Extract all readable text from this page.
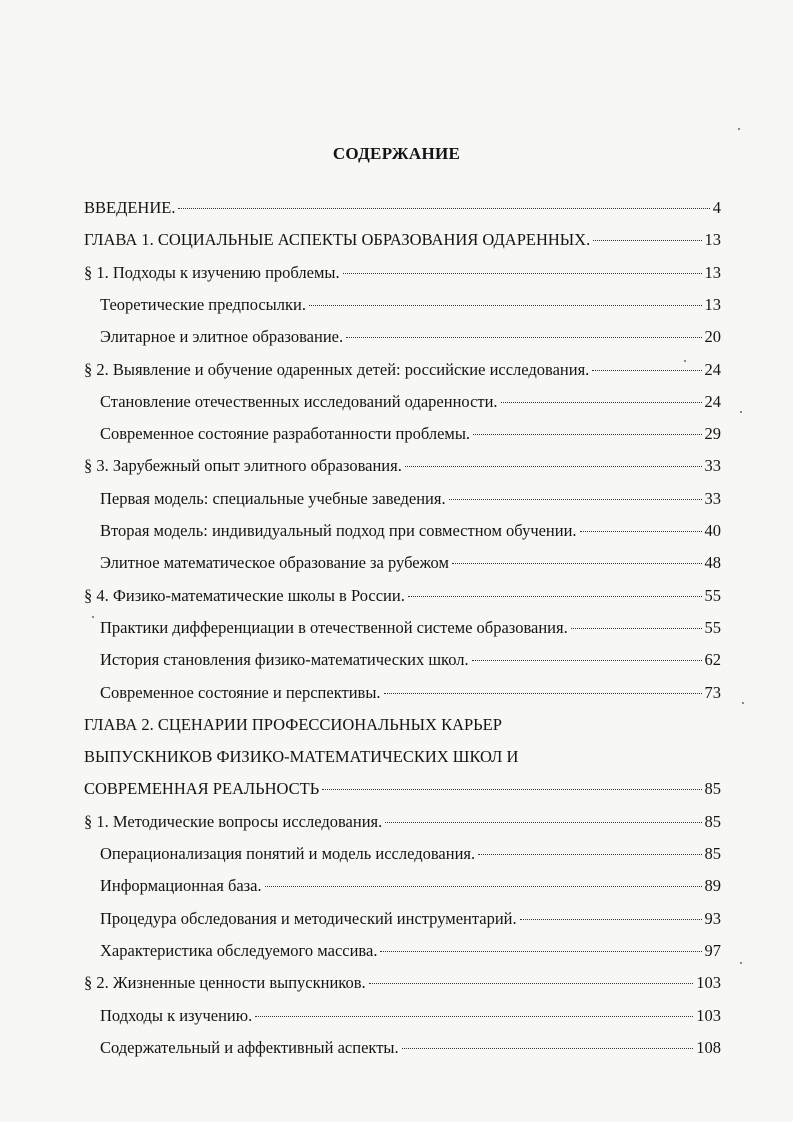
СОДЕРЖАНИЕ
ВВЕДЕНИЕ.	4
ГЛАВА 1. СОЦИАЛЬНЫЕ АСПЕКТЫ ОБРАЗОВАНИЯ ОДАРЕННЫХ.	13
§ 1. Подходы к изучению проблемы.	13
Теоретические предпосылки.	13
Элитарное и элитное образование.	20
§ 2. Выявление и обучение одаренных детей: российские исследования.	24
Становление отечественных исследований одаренности.	24
Современное состояние разработанности проблемы.	29
§ 3. Зарубежный опыт элитного образования.	33
Первая модель: специальные учебные заведения.	33
Вторая модель: индивидуальный подход при совместном обучении.	40
Элитное математическое образование за рубежом	48
§ 4. Физико-математические школы в России.	55
Практики дифференциации в отечественной системе образования.	55
История становления физико-математических школ.	62
Современное состояние и перспективы.	73
ГЛАВА 2. СЦЕНАРИИ ПРОФЕССИОНАЛЬНЫХ КАРЬЕР
ВЫПУСКНИКОВ ФИЗИКО-МАТЕМАТИЧЕСКИХ ШКОЛ И
СОВРЕМЕННАЯ РЕАЛЬНОСТЬ	85
§ 1. Методические вопросы исследования.	85
Операционализация понятий и модель исследования.	85
Информационная база.	89
Процедура обследования и методический инструментарий.	93
Характеристика обследуемого массива.	97
§ 2. Жизненные ценности выпускников.	103
Подходы к изучению.	103
Содержательный и аффективный аспекты.	108
